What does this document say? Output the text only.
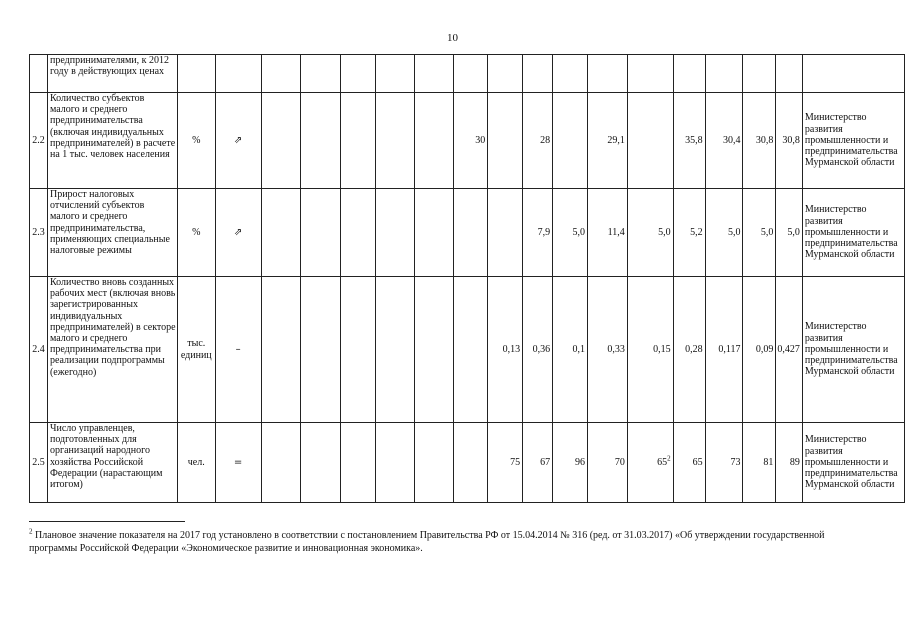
10
	предпринимателями, к 2012 году в действующих ценах																		
2.2	Количество субъектов малого и среднего предпринимательства (включая индивидуальных предпринимателей) в расчете на 1 тыс. человек населения	%	⇗						30		28		29,1		35,8	30,4	30,8	30,8	Министерство развития промышленности и предпринимательства Мурманской области
2.3	Прирост налоговых отчислений субъектов малого и среднего предпринимательства, применяющих специальные налоговые режимы	%	⇗								7,9	5,0	11,4	5,0	5,2	5,0	5,0	5,0	Министерство развития промышленности и предпринимательства Мурманской области
2.4	Количество вновь созданных рабочих мест (включая вновь зарегистрированных индивидуальных предпринимателей) в секторе малого и среднего предпринимательства при реализации подпрограммы (ежегодно)	тыс. единиц	–							0,13	0,36	0,1	0,33	0,15	0,28	0,117	0,09	0,427	Министерство развития промышленности и предпринимательства Мурманской области
2.5	Число управленцев, подготовленных для организаций народного хозяйства Российской Федерации (нарастающим итогом)	чел.	=							75	67	96	70	$65^2$	65	73	81	89	Министерство развития промышленности и предпринимательства Мурманской области
$^2$ Плановое значение показателя на 2017 год установлено в соответствии с постановлением Правительства РФ от 15.04.2014 № 316 (ред. от 31.03.2017) «Об утверждении государственной программы Российской Федерации «Экономическое развитие и инновационная экономика».
